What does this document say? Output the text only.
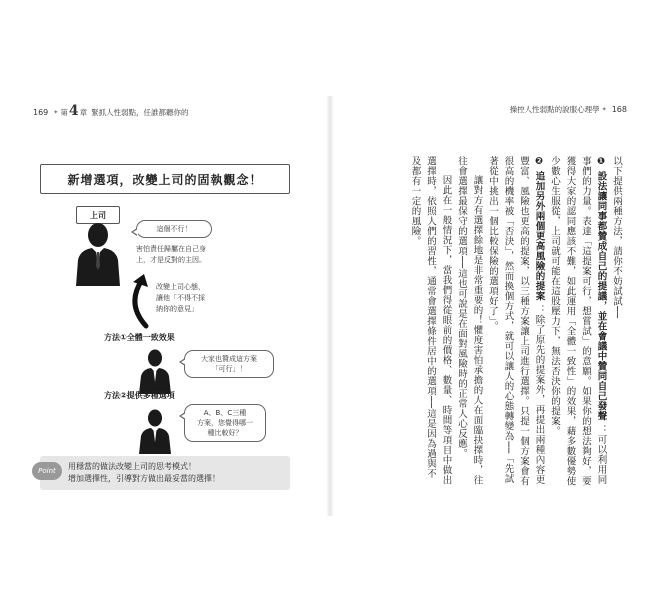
169 ✦ 第 4 章 緊抓人性弱點，任誰都聽你的	操控人性弱點的說服心理學 ✦ 168
新增選項，改變上司的固執觀念！
上司
這個不行！
害怕責任歸屬在自己身
上，才是反對的主因。
改變上司心態，
讓他「不得不採
納你的意見」
方法①全體一致效果
大家也贊成這方案
「可行」！
方法②提供多種選項
A、B、C三種
方案，您覺得哪一
種比較好？
Point	用穩當的做法改變上司的思考模式！
增加選擇性，引導對方做出最妥當的選擇！

以下提供兩種方法，請你不妨試試──

❶ 設法讓同事都贊成自己的提議，並在會議中贊同自己發聲 ：可以利用同事們的力量。表達「這提案可行，想嘗試」的意願。如果你的想法夠好，要獲得大家的認同應該不難，如此運用「全體一致性」的效果，藉多數優勢使少數心生服從，上司就可能在這股壓力下，無法否決你的提案。

❷ 追加另外兩個更高風險的提案 ：除了原先的提案外，再提出兩種內容更豐富、風險也更高的提案，以三種方案讓上司進行選擇。只提一個方案會有很高的機率被「否決」，然而換個方式，就可以讓人的心態轉變為──「先試著從中挑出一個比較保險的選項好了」。

讓對方有選擇餘地是非常重要的！懼度害怕承擔的人在面臨抉擇時，往往會選擇最保守的選項──這也可說是在面對風險時的正常人心反應。

因此在一般情況下，當我們得從眼前的價格、數量、時間等項目中做出選擇時，依照人們的習性，通常會選擇條件居中的選項──這是因為過與不及都有一定的風險。
